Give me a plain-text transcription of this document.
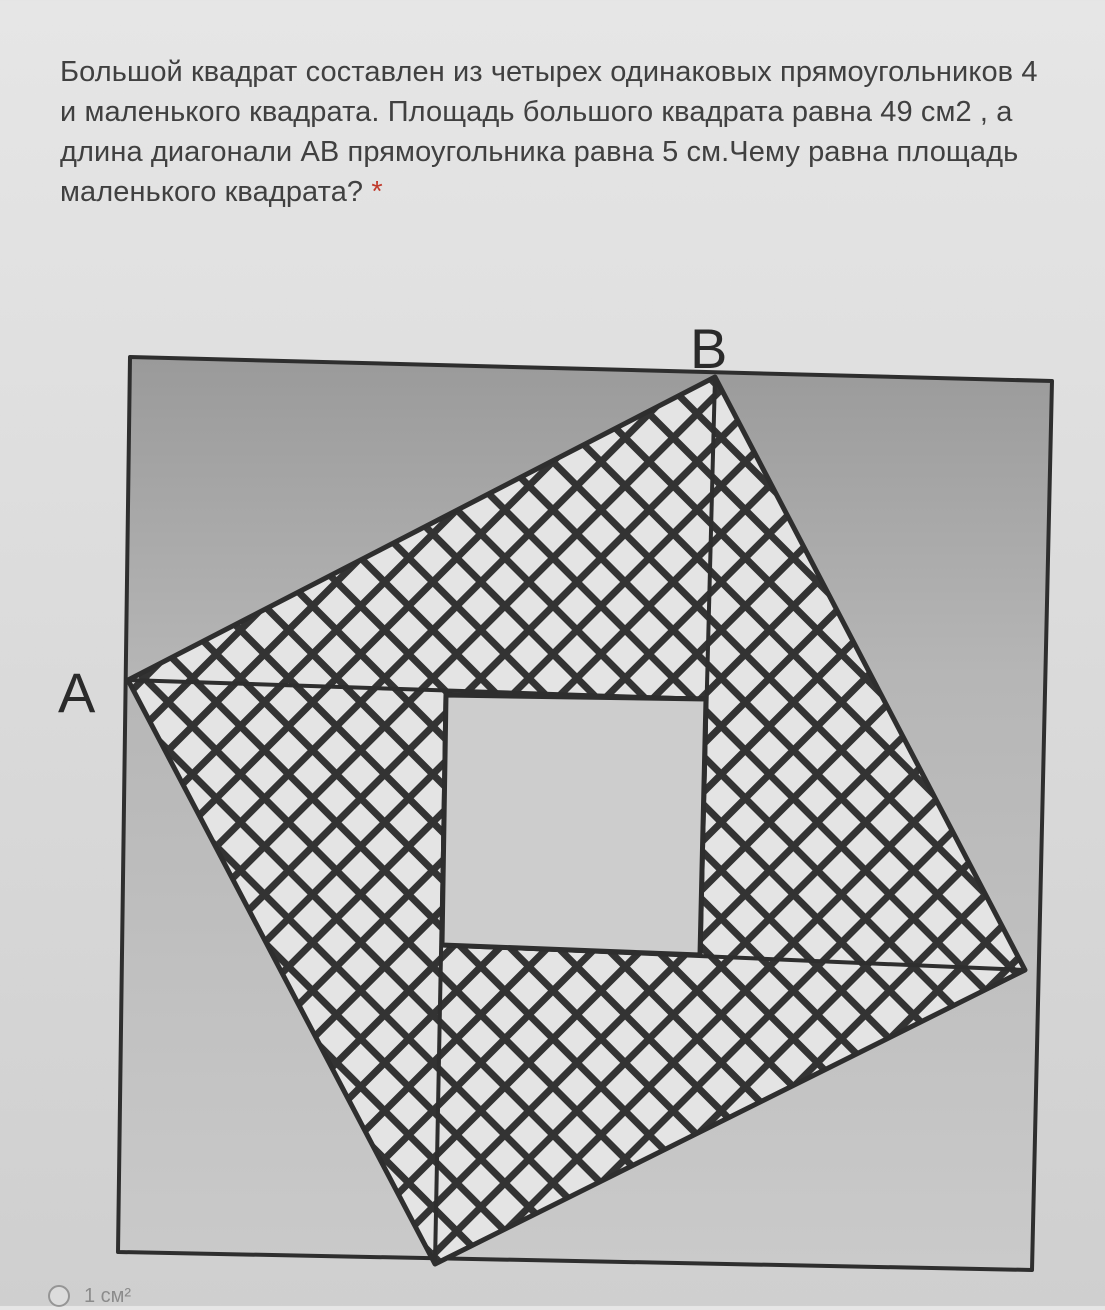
Большой квадрат составлен из четырех одинаковых прямоугольников 4
и маленького квадрата. Площадь большого квадрата равна 49 см2 , а
длина диагонали АВ прямоугольника равна 5 см.Чему равна площадь
маленького квадрата? *
A
B
1 см²
